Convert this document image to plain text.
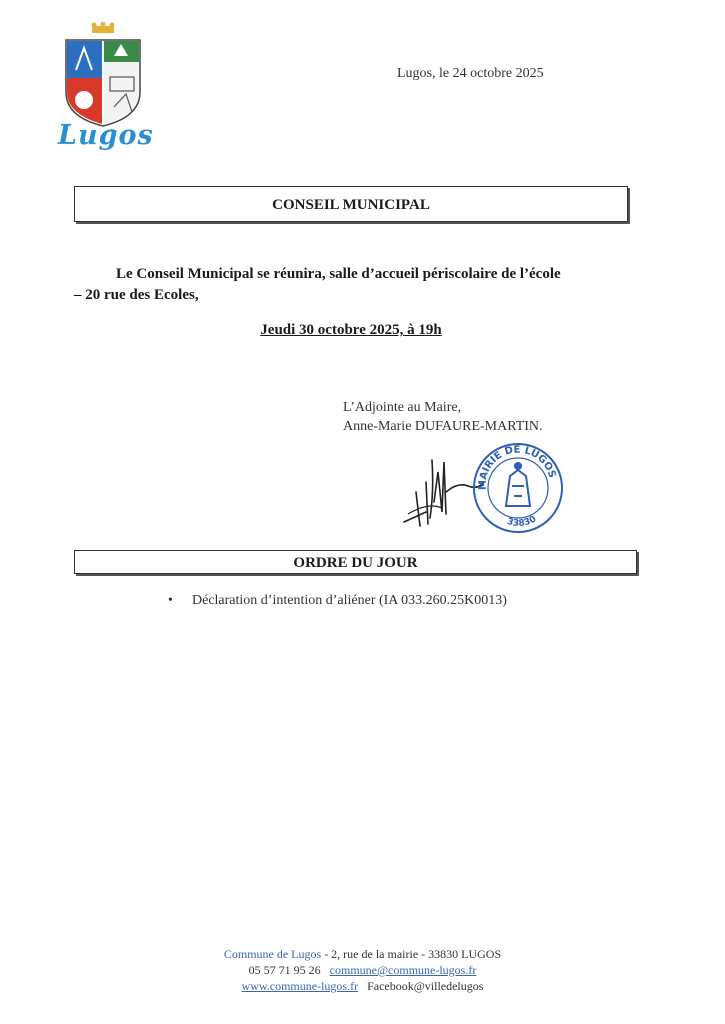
Lugos
Lugos, le 24 octobre 2025
CONSEIL MUNICIPAL
Le Conseil Municipal se réunira, salle d’accueil périscolaire de l’école
– 20 rue des Ecoles,
Jeudi 30 octobre 2025, à 19h
L’Adjointe au Maire,
Anne-Marie DUFAURE-MARTIN.
MAIRIE DE LUGOS
33830
ORDRE DU JOUR
• Déclaration d’intention d’aliéner (IA 033.260.25K0013)
Commune de Lugos - 2, rue de la mairie - 33830 LUGOS
05 57 71 95 26 commune@commune-lugos.fr
www.commune-lugos.fr Facebook@villedelugos
